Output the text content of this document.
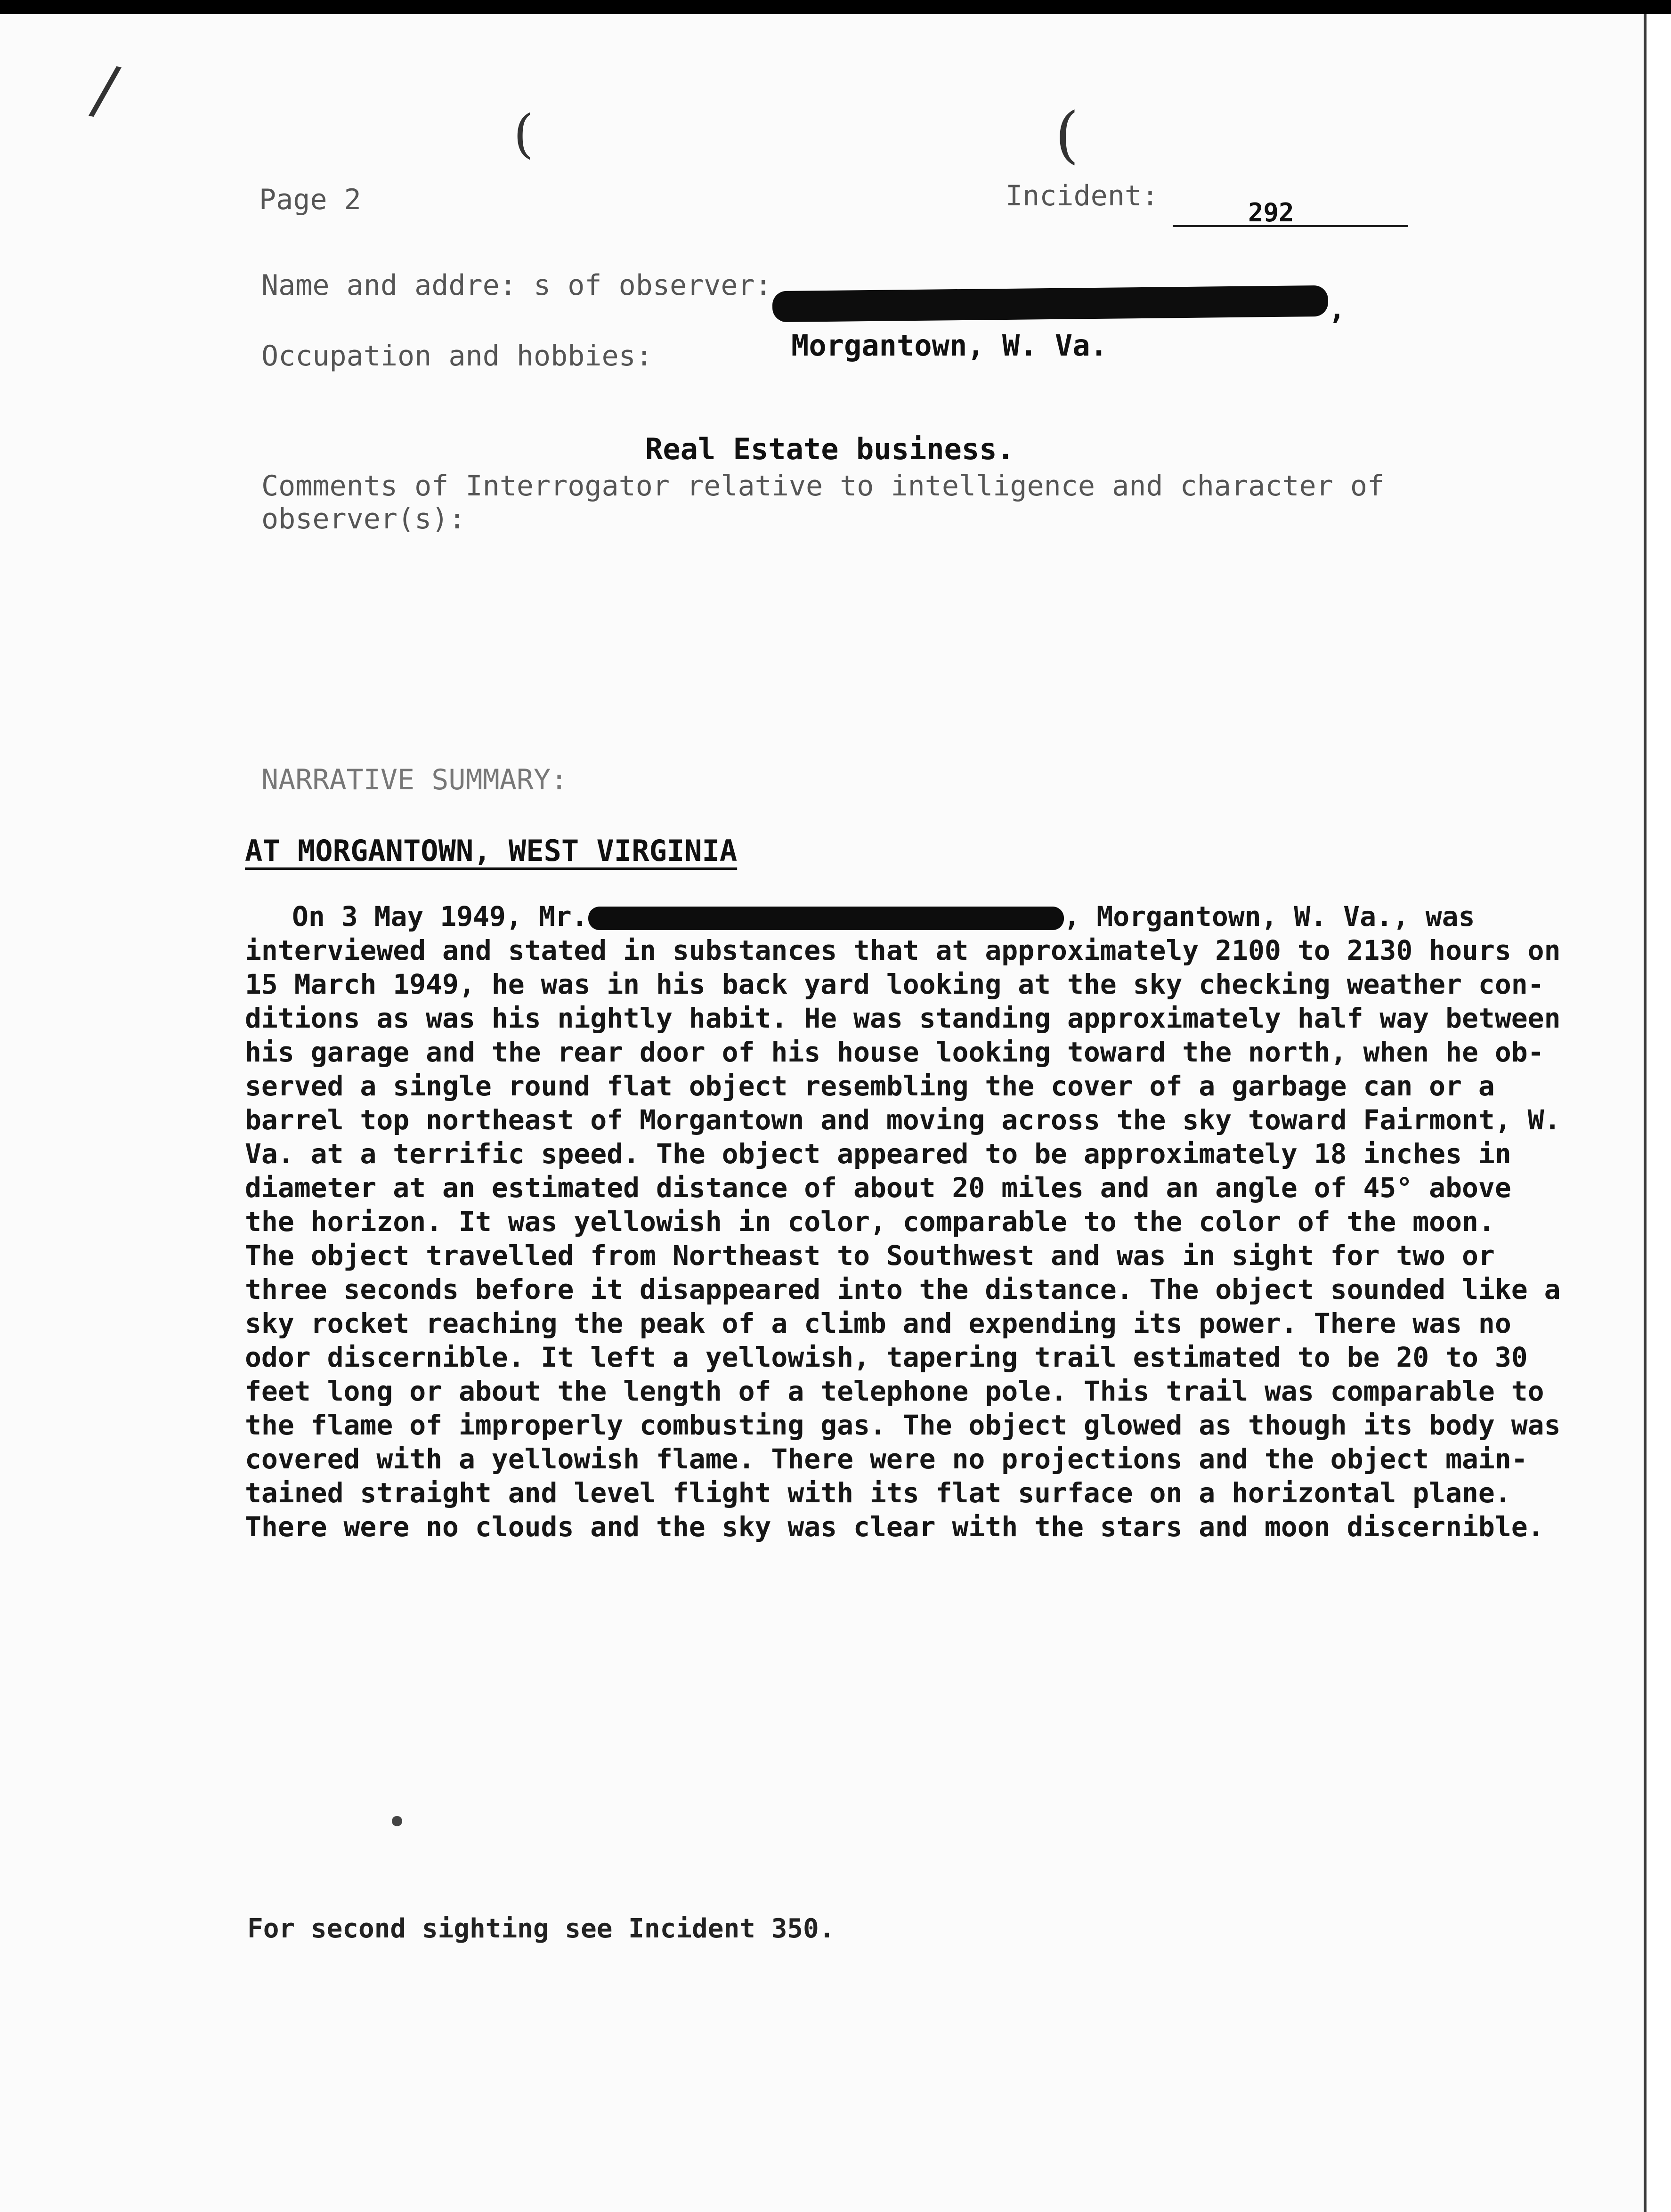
(	(
/
Page 2	Incident:
292
Name and addre: s of observer:
,
Occupation and hobbies:	Morgantown, W. Va.
Real Estate business.
Comments of Interrogator relative to intelligence and character of
observer(s):
NARRATIVE SUMMARY:
AT MORGANTOWN, WEST VIRGINIA

On 3 May 1949, Mr.	, Morgantown, W. Va., was

interviewed and stated in substances that at approximately 2100 to 2130 hours on

15 March 1949, he was in his back yard looking at the sky checking weather con-

ditions as was his nightly habit. He was standing approximately half way between

his garage and the rear door of his house looking toward the north, when he ob-

served a single round flat object resembling the cover of a garbage can or a

barrel top northeast of Morgantown and moving across the sky toward Fairmont, W.

Va. at a terrific speed. The object appeared to be approximately 18 inches in

diameter at an estimated distance of about 20 miles and an angle of 45° above

the horizon. It was yellowish in color, comparable to the color of the moon.

The object travelled from Northeast to Southwest and was in sight for two or

three seconds before it disappeared into the distance. The object sounded like a

sky rocket reaching the peak of a climb and expending its power. There was no

odor discernible. It left a yellowish, tapering trail estimated to be 20 to 30

feet long or about the length of a telephone pole. This trail was comparable to

the flame of improperly combusting gas. The object glowed as though its body was

covered with a yellowish flame. There were no projections and the object main-

tained straight and level flight with its flat surface on a horizontal plane.

There were no clouds and the sky was clear with the stars and moon discernible.

For second sighting see Incident 350.
